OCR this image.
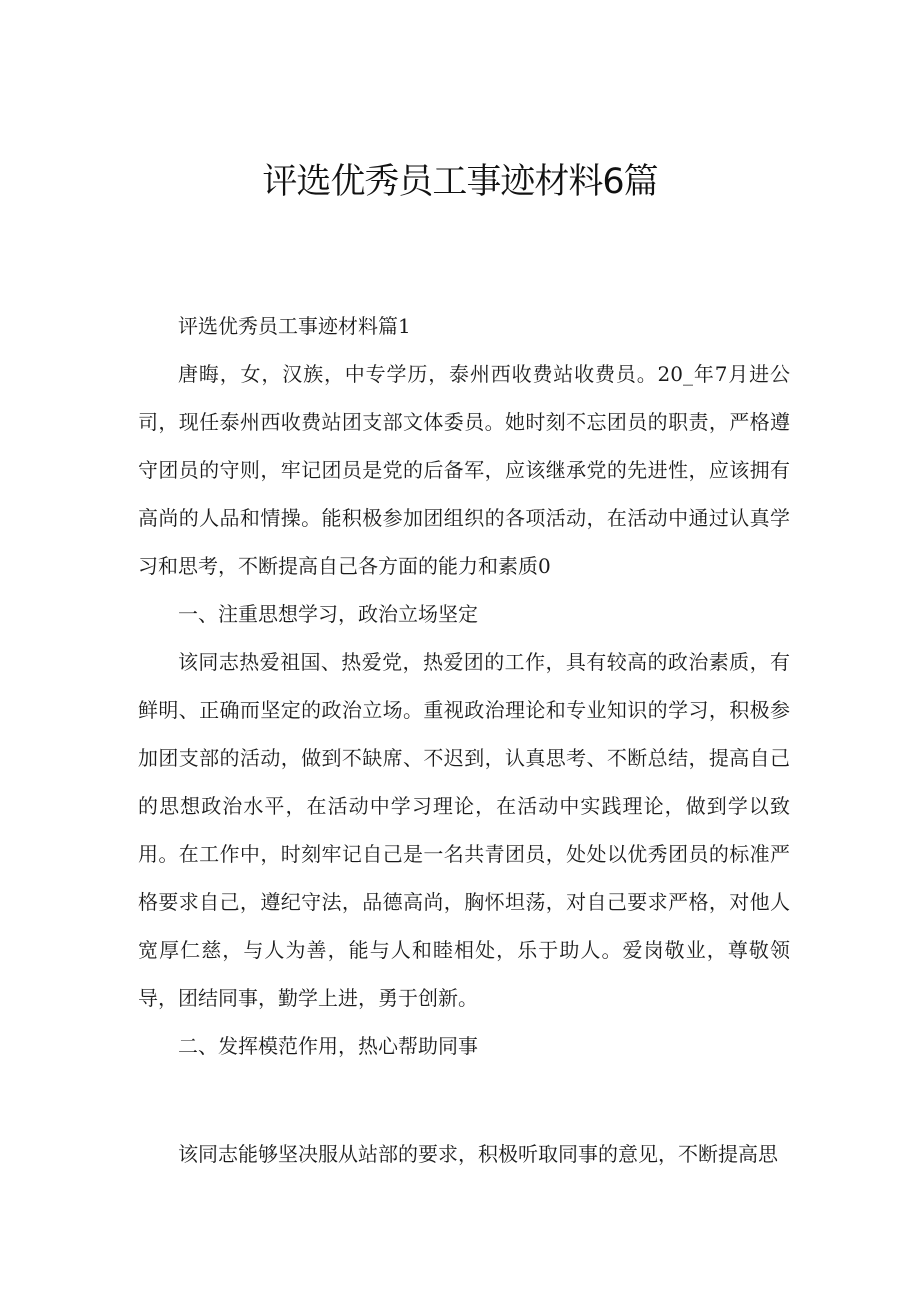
评选优秀员工事迹材料6篇

评选优秀员工事迹材料篇1

唐晦，女，汉族，中专学历，泰州西收费站收费员。20_年7月进公司，现任泰州西收费站团支部文体委员。她时刻不忘团员的职责，严格遵守团员的守则，牢记团员是党的后备军，应该继承党的先进性，应该拥有高尚的人品和情操。能积极参加团组织的各项活动，在活动中通过认真学习和思考，不断提高自己各方面的能力和素质0

一、注重思想学习，政治立场坚定

该同志热爱祖国、热爱党，热爱团的工作，具有较高的政治素质，有鲜明、正确而坚定的政治立场。重视政治理论和专业知识的学习，积极参加团支部的活动，做到不缺席、不迟到，认真思考、不断总结，提高自己的思想政治水平，在活动中学习理论，在活动中实践理论，做到学以致用。在工作中，时刻牢记自己是一名共青团员，处处以优秀团员的标准严格要求自己，遵纪守法，品德高尚，胸怀坦荡，对自己要求严格，对他人宽厚仁慈，与人为善，能与人和睦相处，乐于助人。爱岗敬业，尊敬领导，团结同事，勤学上进，勇于创新。

二、发挥模范作用，热心帮助同事

该同志能够坚决服从站部的要求，积极听取同事的意见，不断提高思
